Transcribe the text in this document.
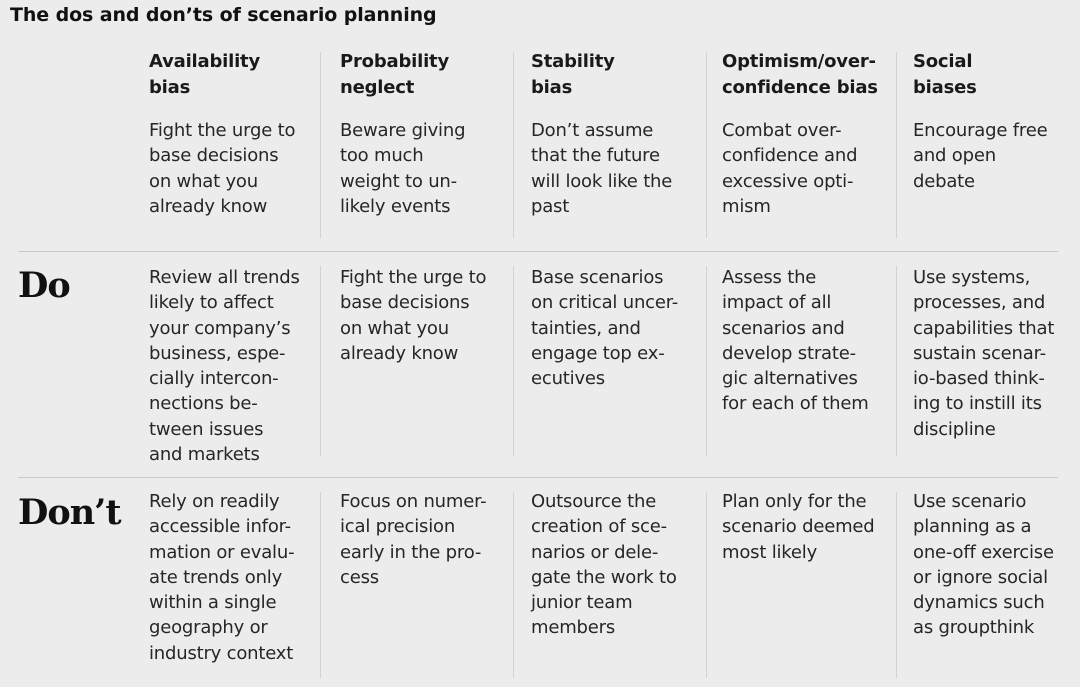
The dos and don’ts of scenario planning
Do
Don’t
Availability
bias
Fight the urge to
base decisions
on what you
already know
Review all trends
likely to affect
your company’s
business, espe-
cially intercon-
nections be-
tween issues
and markets
Rely on readily
accessible infor-
mation or evalu-
ate trends only
within a single
geography or
industry context
Probability
neglect
Beware giving
too much
weight to un-
likely events
Fight the urge to
base decisions
on what you
already know
Focus on numer-
ical precision
early in the pro-
cess
Stability
bias
Don’t assume
that the future
will look like the
past
Base scenarios
on critical uncer-
tainties, and
engage top ex-
ecutives
Outsource the
creation of sce-
narios or dele-
gate the work to
junior team
members
Optimism/over-
confidence bias
Combat over-
confidence and
excessive opti-
mism
Assess the
impact of all
scenarios and
develop strate-
gic alternatives
for each of them
Plan only for the
scenario deemed
most likely
Social
biases
Encourage free
and open
debate
Use systems,
processes, and
capabilities that
sustain scenar-
io-based think-
ing to instill its
discipline
Use scenario
planning as a
one-off exercise
or ignore social
dynamics such
as groupthink
